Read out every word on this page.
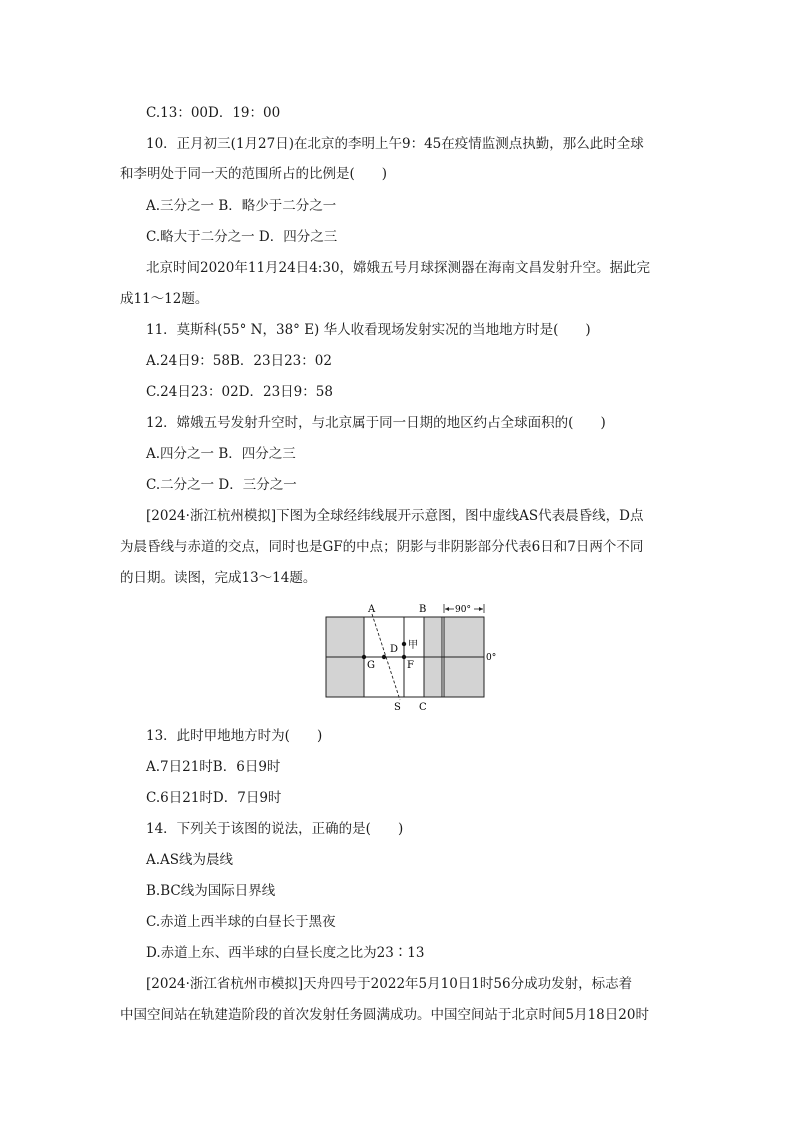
C.13：00D．19：00
10．正月初三(1月27日)在北京的李明上午9：45在疫情监测点执勤，那么此时全球
和李明处于同一天的范围所占的比例是(　　)
A.三分之一 B．略少于二分之一
C.略大于二分之一 D．四分之三
北京时间2020年11月24日4:30，嫦娥五号月球探测器在海南文昌发射升空。据此完
成11～12题。
11．莫斯科(55° N，38° E) 华人收看现场发射实况的当地地方时是(　　)
A.24日9：58B．23日23：02
C.24日23：02D．23日9：58
12．嫦娥五号发射升空时，与北京属于同一日期的地区约占全球面积的(　　)
A.四分之一 B．四分之三
C.二分之一 D．三分之一
[2024·浙江杭州模拟]下图为全球经纬线展开示意图，图中虚线AS代表晨昏线，D点
为晨昏线与赤道的交点，同时也是GF的中点；阴影与非阴影部分代表6日和7日两个不同
的日期。读图，完成13～14题。
A	B	90°
D 甲
G	F
0°
S C
13．此时甲地地方时为(　　)
A.7日21时B．6日9时
C.6日21时D．7日9时
14．下列关于该图的说法，正确的是(　　)
A.AS线为晨线
B.BC线为国际日界线
C.赤道上西半球的白昼长于黑夜
D.赤道上东、西半球的白昼长度之比为23∶13
[2024·浙江省杭州市模拟]天舟四号于2022年5月10日1时56分成功发射，标志着
中国空间站在轨建造阶段的首次发射任务圆满成功。中国空间站于北京时间5月18日20时
